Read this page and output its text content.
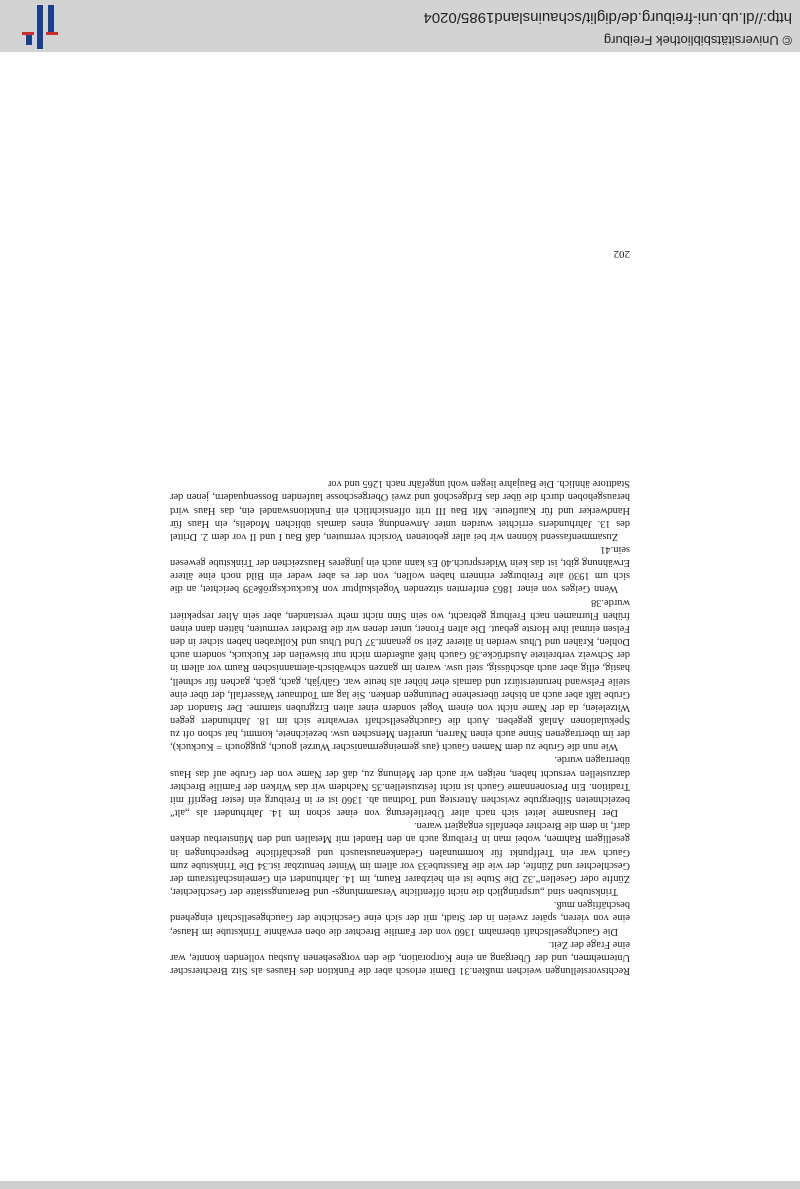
Rechtsvorstellungen weichen mußten.31 Damit erlosch aber die Funktion des Hauses als Sitz Brechterscher Unternehmen, und der Übergang an eine Korporation, die den vorgesehenen Ausbau vollenden konnte, war eine Frage der Zeit.

Die Gauchgesellschaft übernahm 1360 von der Familie Brechter die oben erwähnte Trinkstube im Hause, eine von vieren, später zweien in der Stadt, mit der sich eine Geschichte der Gauchgesellschaft eingehend beschäftigen muß.

Trinkstuben sind „ursprünglich die nicht öffentliche Versammlungs- und Beratungsstätte der Geschlechter, Zünfte oder Gesellen“.32 Die Stube ist ein heizbarer Raum, im 14. Jahrhundert ein Gemeinschaftsraum der Geschlechter und Zünfte, der wie die Ratsstube33 vor allem im Winter benutzbar ist.34 Die Trinkstube zum Gauch war ein Treffpunkt für kommunalen Gedankenaustausch und geschäftliche Besprechungen in geselligem Rahmen, wobei man in Freiburg auch an den Handel mit Metallen und den Münsterbau denken darf, in dem die Brechter ebenfalls engagiert waren.

Der Hausname leitet sich nach alter Überlieferung von einer schon im 14. Jahrhundert als „alt“ bezeichneten Silbergrube zwischen Attersteg und Todtnau ab. 1360 ist er in Freiburg ein fester Begriff mit Tradition. Ein Personenname Gauch ist nicht festzustellen.35 Nachdem wir das Wirken der Familie Brechter darzustellen versucht haben, neigen wir auch der Meinung zu, daß der Name von der Grube auf das Haus übertragen wurde.

Wie nun die Grube zu dem Namen Gauch (aus gemeingermanischer Wurzel gouch, guggouch = Kuckuck), der im übertragenen Sinne auch einen Narren, unreifen Menschen usw. bezeichnete, kommt, hat schon oft zu Spekulationen Anlaß gegeben. Auch die Gauchgesellschaft verwahrte sich im 18. Jahrhundert gegen Witzeleien, da der Name nicht von einem Vogel sondern einer alten Erzgruben stamme. Der Standort der Grube läßt aber auch an bisher übersehene Deutungen denken. Sie lag am Todtnauer Wasserfall, der über eine steile Felswand herunterstürzt und damals eher höher als heute war. Gäh/jäh, gach, gäch, gachen für schnell, hastig, eilig aber auch abschüssig, steil usw. waren im ganzen schwäbisch-alemannischen Raum vor allem in der Schweiz verbreitete Ausdrücke.36 Gauch hieß außerdem nicht nur bisweilen der Kuckuck, sondern auch Dohlen, Krähen und Uhus werden in älterer Zeit so genannt.37 Und Uhus und Kolkraben haben sicher in den Felsen einmal ihre Horste gebaut. Die alten Froner, unter denen wir die Brechter vermuten, hätten dann einen frühen Flurnamen nach Freiburg gebracht, wo sein Sinn nicht mehr verstanden, aber sein Alter respektiert wurde.38

Wenn Geiges von einer 1863 entfernten sitzenden Vogelskulptur von Kuckucksgröße39 berichtet, an die sich um 1930 alte Freiburger erinnern haben wollen, von der es aber weder ein Bild noch eine ältere Erwähnung gibt, ist das kein Widerspruch.40 Es kann auch ein jüngeres Hauszeichen der Trinkstube gewesen sein.41

Zusammenfassend können wir bei aller gebotenen Vorsicht vermuten, daß Bau I und II vor dem 2. Drittel des 13. Jahrhunderts errichtet wurden unter Anwendung eines damals üblichen Modells, ein Haus für Handwerker und für Kaufleute. Mit Bau III tritt offensichtlich ein Funktionswandel ein, das Haus wird herausgehoben durch die über das Erdgeschoß und zwei Obergeschosse laufenden Bossenquadern, jenen der Stadttore ähnlich. Die Baujahre liegen wohl ungefähr nach 1265 und vor

202
© Universitätsbibliothek Freiburg
http://dl.ub.uni-freiburg.de/diglit/schauinsland1985/0204
